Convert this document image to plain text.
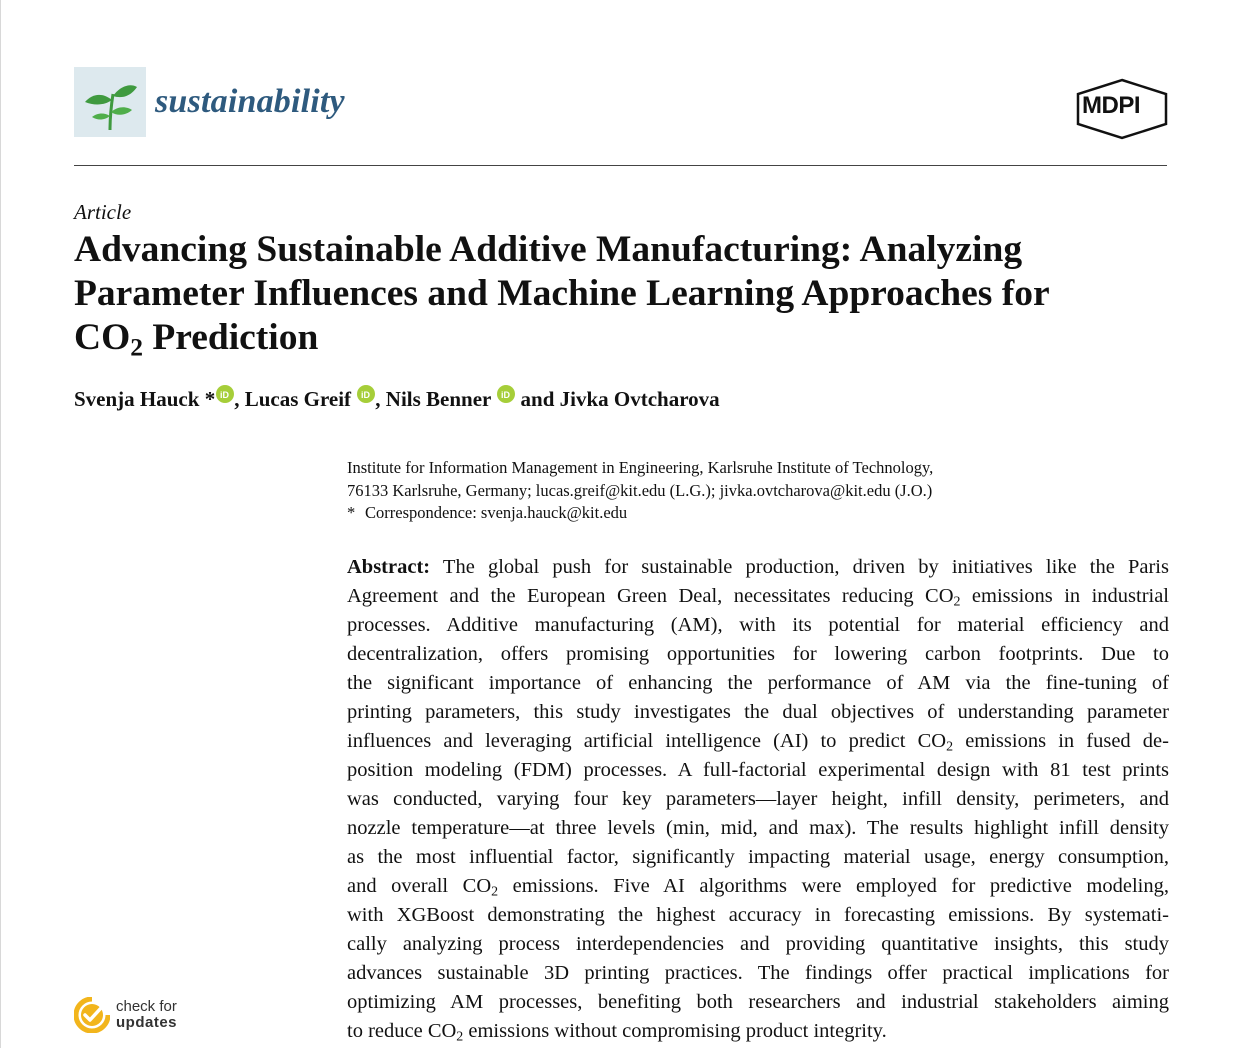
sustainability	MDPI
Article
Advancing Sustainable Additive Manufacturing: Analyzing
Parameter Influences and Machine Learning Approaches for
$CO_2$ Prediction
Svenja Hauck * iD , Lucas Greif iD , Nils Benner iD and Jivka Ovtcharova
Institute for Information Management in Engineering, Karlsruhe Institute of Technology,
76133 Karlsruhe, Germany; lucas.greif@kit.edu (L.G.); jivka.ovtcharova@kit.edu (J.O.)
* Correspondence: svenja.hauck@kit.edu
Abstract: The global push for sustainable production, driven by initiatives like the Paris
Agreement and the European Green Deal, necessitates reducing $CO_2$ emissions in industrial
processes. Additive manufacturing (AM), with its potential for material efficiency and
decentralization, offers promising opportunities for lowering carbon footprints. Due to
the significant importance of enhancing the performance of AM via the fine-tuning of
printing parameters, this study investigates the dual objectives of understanding parameter
influences and leveraging artificial intelligence (AI) to predict $CO_2$ emissions in fused de-
position modeling (FDM) processes. A full-factorial experimental design with 81 test prints
was conducted, varying four key parameters—layer height, infill density, perimeters, and
nozzle temperature—at three levels (min, mid, and max). The results highlight infill density
as the most influential factor, significantly impacting material usage, energy consumption,
and overall $CO_2$ emissions. Five AI algorithms were employed for predictive modeling,
with XGBoost demonstrating the highest accuracy in forecasting emissions. By systemati-
cally analyzing process interdependencies and providing quantitative insights, this study
advances sustainable 3D printing practices. The findings offer practical implications for
optimizing AM processes, benefiting both researchers and industrial stakeholders aiming
to reduce $CO_2$ emissions without compromising product integrity.
check for
updates
